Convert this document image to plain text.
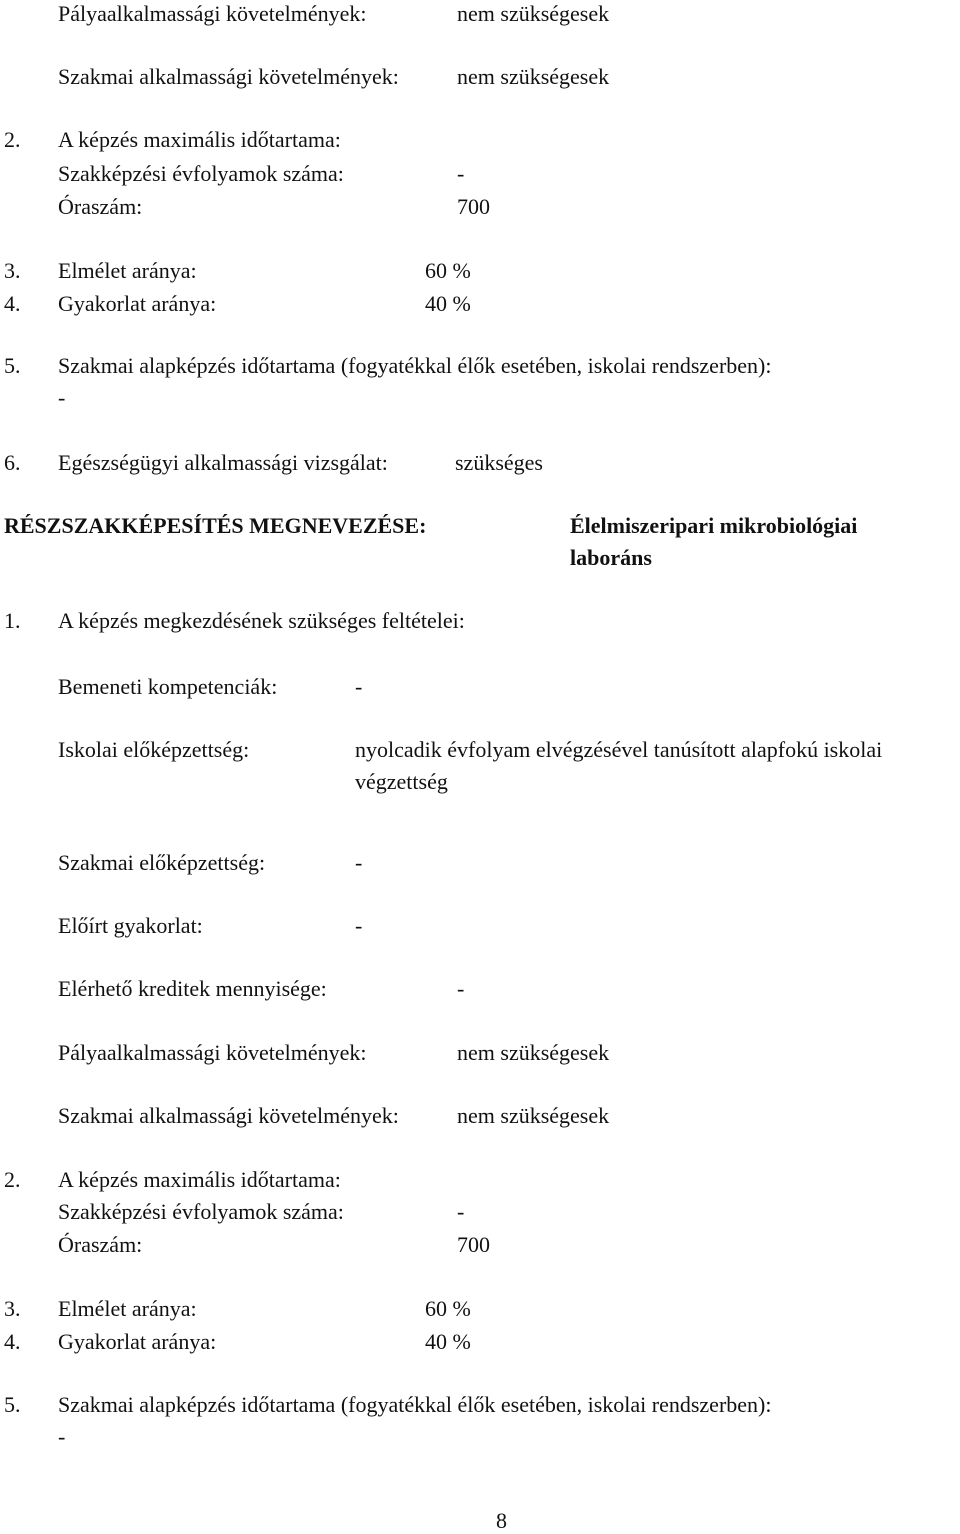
Pályaalkalmassági követelmények:	nem szükségesek
Szakmai alkalmassági követelmények:	nem szükségesek
2. A képzés maximális időtartama:
Szakképzési évfolyamok száma:	-
Óraszám:	700
3. Elmélet aránya:	60 %
4. Gyakorlat aránya:	40 %
5. Szakmai alapképzés időtartama (fogyatékkal élők esetében, iskolai rendszerben):
-
6. Egészségügyi alkalmassági vizsgálat:	szükséges
RÉSZSZAKKÉPESÍTÉS MEGNEVEZÉSE:	Élelmiszeripari mikrobiológiai
laboráns
1. A képzés megkezdésének szükséges feltételei:
Bemeneti kompetenciák:	-
Iskolai előképzettség:	nyolcadik évfolyam elvégzésével tanúsított alapfokú iskolai
végzettség
Szakmai előképzettség:	-
Előírt gyakorlat:	-
Elérhető kreditek mennyisége:	-
Pályaalkalmassági követelmények:	nem szükségesek
Szakmai alkalmassági követelmények:	nem szükségesek
2. A képzés maximális időtartama:
Szakképzési évfolyamok száma:	-
Óraszám:	700
3. Elmélet aránya:	60 %
4. Gyakorlat aránya:	40 %
5. Szakmai alapképzés időtartama (fogyatékkal élők esetében, iskolai rendszerben):
-
8
